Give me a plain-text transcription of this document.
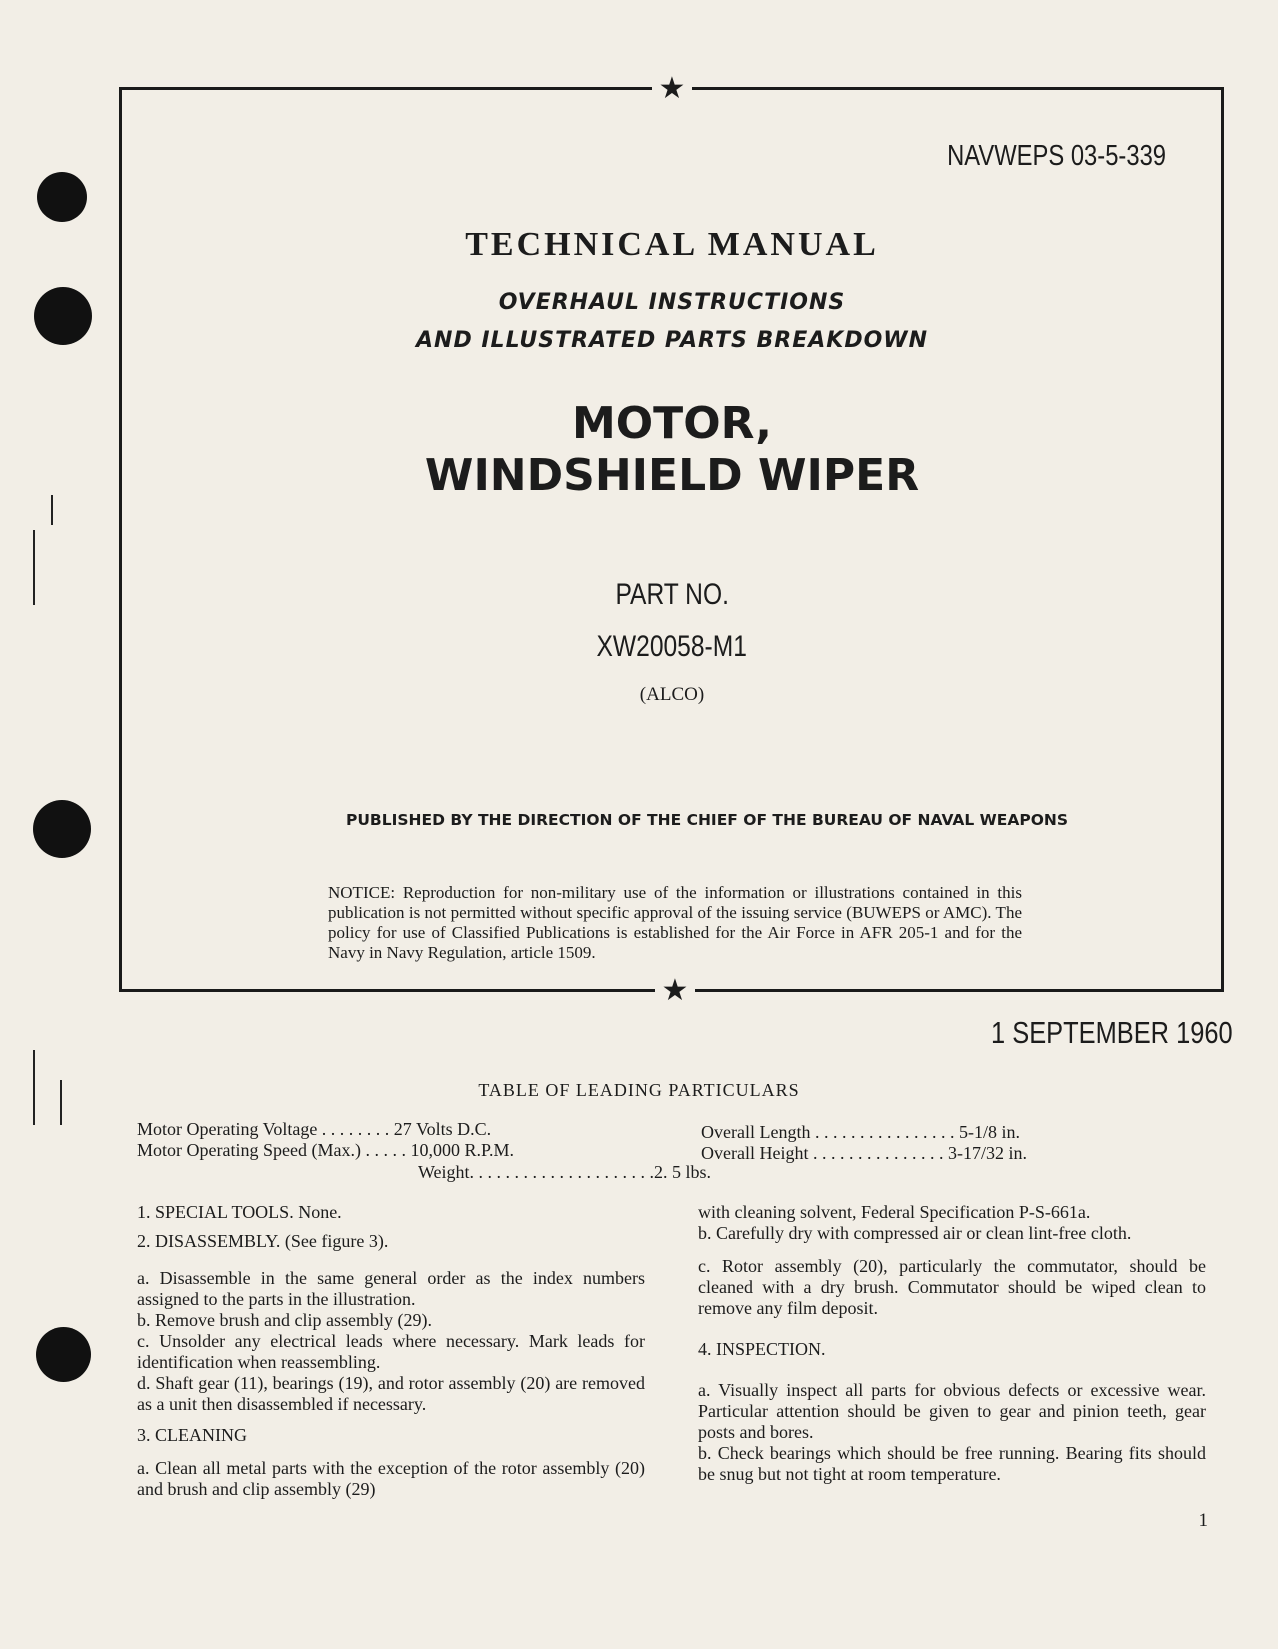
★
★
NAVWEPS 03-5-339
TECHNICAL MANUAL
OVERHAUL INSTRUCTIONS
AND ILLUSTRATED PARTS BREAKDOWN
MOTOR,
WINDSHIELD WIPER
PART NO.
XW20058-M1
(ALCO)
PUBLISHED BY THE DIRECTION OF THE CHIEF OF THE BUREAU OF NAVAL WEAPONS
NOTICE: Reproduction for non-military use of the information or illustrations contained in this publication is not permitted without specific approval of the issuing service (BUWEPS or AMC). The policy for use of Classified Publications is established for the Air Force in AFR 205-1 and for the Navy in Navy Regulation, article 1509.
1 SEPTEMBER 1960
TABLE OF LEADING PARTICULARS
Motor Operating Voltage . . . . . . . . 27 Volts D.C.
Motor Operating Speed (Max.) . . . . . 10,000 R.P.M.
Weight. . . . . . . . . . . . . . . . . . . . .2. 5 lbs.
Overall Length . . . . . . . . . . . . . . . . 5-1/8 in.
Overall Height . . . . . . . . . . . . . . . 3-17/32 in.

1. SPECIAL TOOLS. None.

2. DISASSEMBLY. (See figure 3).

a. Disassemble in the same general order as the index numbers assigned to the parts in the illustration.

b. Remove brush and clip assembly (29).

c. Unsolder any electrical leads where necessary. Mark leads for identification when reassembling.

d. Shaft gear (11), bearings (19), and rotor assembly (20) are removed as a unit then disassembled if necessary.

3. CLEANING

a. Clean all metal parts with the exception of the rotor assembly (20) and brush and clip assembly (29)

with cleaning solvent, Federal Specification P-S-661a.

b. Carefully dry with compressed air or clean lint-free cloth.

c. Rotor assembly (20), particularly the commutator, should be cleaned with a dry brush. Commutator should be wiped clean to remove any film deposit.

4. INSPECTION.

a. Visually inspect all parts for obvious defects or excessive wear. Particular attention should be given to gear and pinion teeth, gear posts and bores.

b. Check bearings which should be free running. Bearing fits should be snug but not tight at room temperature.

1
